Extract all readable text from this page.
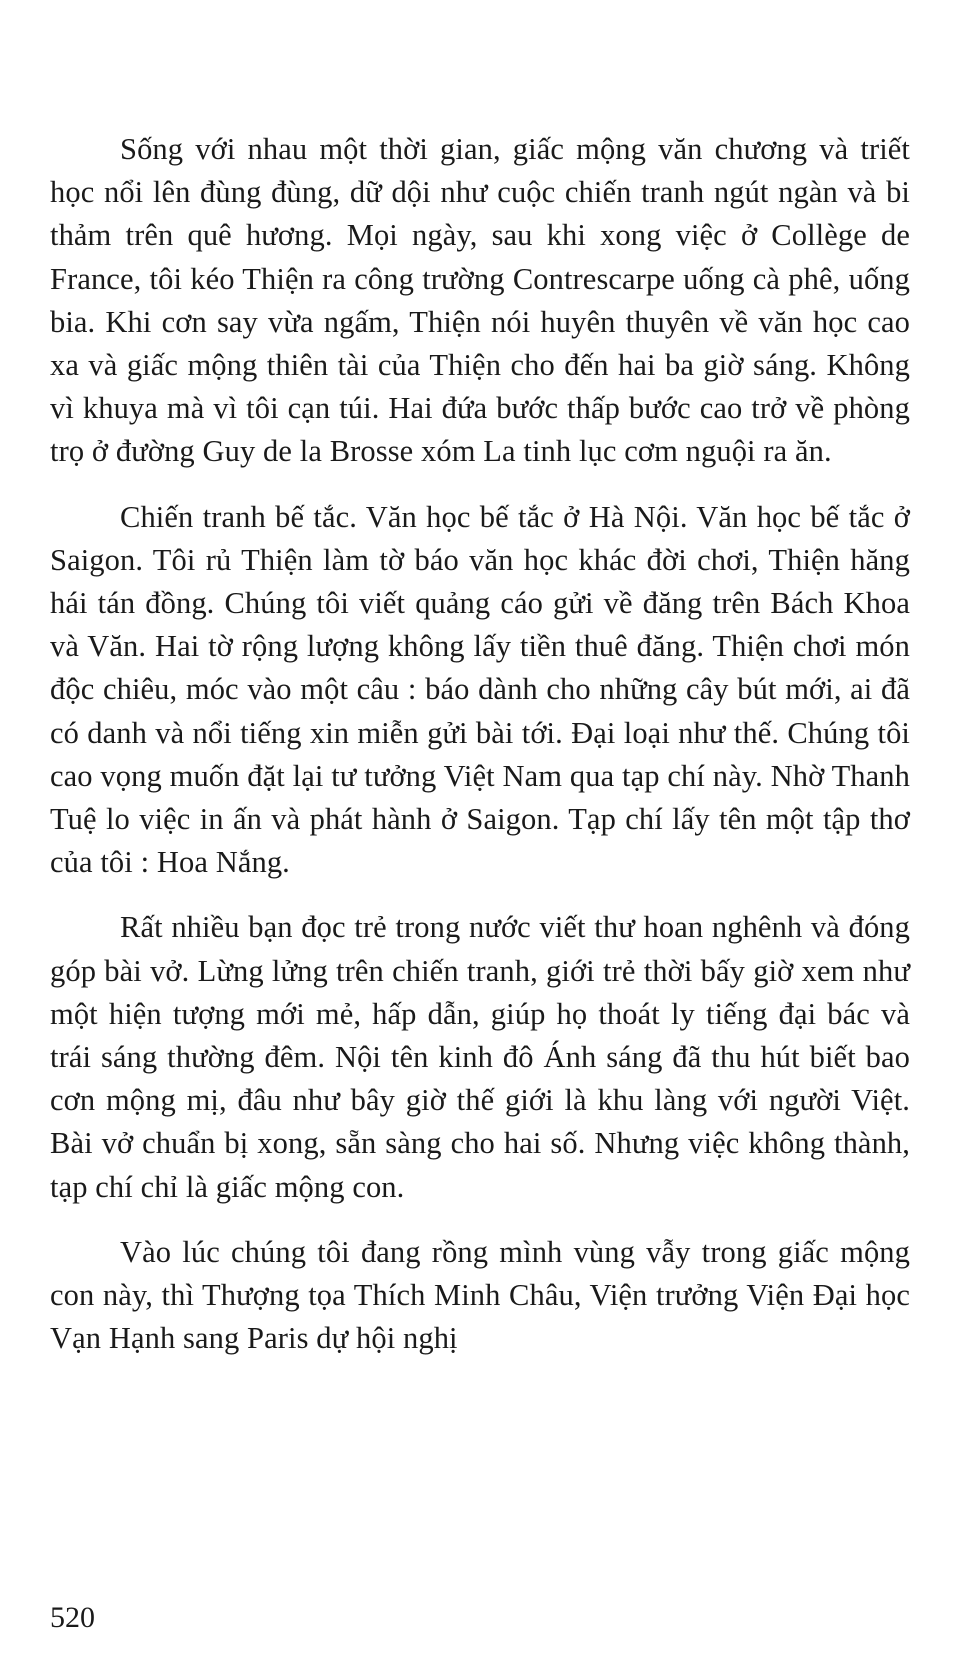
Sống với nhau một thời gian, giấc mộng văn chương và triết học nổi lên đùng đùng, dữ dội như cuộc chiến tranh ngút ngàn và bi thảm trên quê hương. Mọi ngày, sau khi xong việc ở Collège de France, tôi kéo Thiện ra công trường Contrescarpe uống cà phê, uống bia. Khi cơn say vừa ngấm, Thiện nói huyên thuyên về văn học cao xa và giấc mộng thiên tài của Thiện cho đến hai ba giờ sáng. Không vì khuya mà vì tôi cạn túi. Hai đứa bước thấp bước cao trở về phòng trọ ở đường Guy de la Brosse xóm La tinh lục cơm nguội ra ăn.

Chiến tranh bế tắc. Văn học bế tắc ở Hà Nội. Văn học bế tắc ở Saigon. Tôi rủ Thiện làm tờ báo văn học khác đời chơi, Thiện hăng hái tán đồng. Chúng tôi viết quảng cáo gửi về đăng trên Bách Khoa và Văn. Hai tờ rộng lượng không lấy tiền thuê đăng. Thiện chơi món độc chiêu, móc vào một câu : báo dành cho những cây bút mới, ai đã có danh và nổi tiếng xin miễn gửi bài tới. Đại loại như thế. Chúng tôi cao vọng muốn đặt lại tư tưởng Việt Nam qua tạp chí này. Nhờ Thanh Tuệ lo việc in ấn và phát hành ở Saigon. Tạp chí lấy tên một tập thơ của tôi : Hoa Nắng.

Rất nhiều bạn đọc trẻ trong nước viết thư hoan nghênh và đóng góp bài vở. Lừng lửng trên chiến tranh, giới trẻ thời bấy giờ xem như một hiện tượng mới mẻ, hấp dẫn, giúp họ thoát ly tiếng đại bác và trái sáng thường đêm. Nội tên kinh đô Ánh sáng đã thu hút biết bao cơn mộng mị, đâu như bây giờ thế giới là khu làng với người Việt. Bài vở chuẩn bị xong, sẵn sàng cho hai số. Nhưng việc không thành, tạp chí chỉ là giấc mộng con.

Vào lúc chúng tôi đang rồng mình vùng vẫy trong giấc mộng con này, thì Thượng tọa Thích Minh Châu, Viện trưởng Viện Đại học Vạn Hạnh sang Paris dự hội nghị

520
